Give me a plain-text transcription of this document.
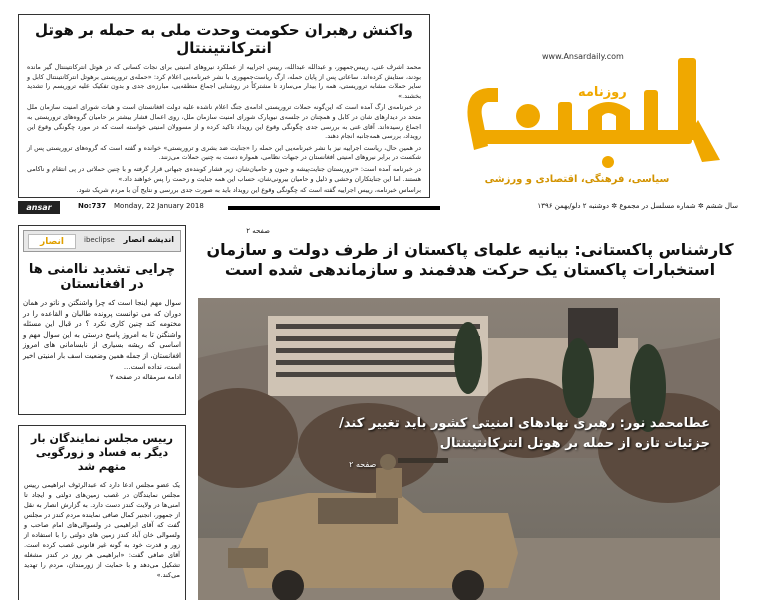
واکنش رهبران حکومت وحدت ملی به حمله بر هوتل انترکانتیننتال

محمد اشرف غنی، رییس‌جمهور، و عبدالله عبدالله، رییس اجراییه از عملکرد نیروهای امنیتی برای نجات کسانی که در هوتل انترکانتیننتال گیر مانده بودند، ستایش کرده‌اند. ساعاتی پس از پایان حمله، ارگ ریاست‌جمهوری با نشر خبرنامه‌یی اعلام کرد: «حمله‌ی تروریستی برهوتل انترکانتیننتال کابل و سایر حملات مشابه تروریستی، همه را بیدار می‌سازد تا مشترکاً در روشنایی اجماع منطقه‌یی، مبارزه‌ی جدی و بدون تفکیک علیه تروریسم را تشدید بخشند.»

در خبرنامه‌ی ارگ آمده است که این‌گونه حملات تروریستی ادامه‌ی جنگ اعلام ناشده علیه دولت افغانستان است و هیات شورای امنیت سازمان ملل متحد در دیدارهای شان در کابل و همچنان در جلسه‌ی نیویارک شورای امنیت سازمان ملل، روی اعمال فشار بیشتر بر حامیان گروه‌های تروریستی به اجماع رسیده‌اند. آقای غنی به بررسی جدی چگونگی وقوع این رویداد تاکید کرده و از مسوولان امنیتی خواسته است که در مورد چگونگی وقوع این رویداد، بررسی همه‌جانبه انجام دهند.

در همین حال، ریاست اجراییه نیز با نشر خبرنامه‌یی این حمله را «جنایت ضد بشری و تروریستی» خوانده و گفته است که گروه‌های تروریستی پس از شکست در برابر نیروهای امنیتی افغانستان در جبهات نظامی، همواره دست به چنین حملات می‌زنند.

در خبرنامه آمده است: «تروریستان جنایت‌پیشه و جبون و حامیان‌شان، زیر فشار کوبنده‌ی جبهاتی قرار گرفته و با چنین حملاتی در پی انتقام و ناکامی هستند. اما این جنایتکاران وحشی و ذلیل و حامیان بیرونی‌شان، حساب این همه جنایت و رحمت را پس خواهند داد.»

براساس خبرنامه، رییس اجراییه گفته است که چگونگی وقوع این رویداد باید به صورت جدی بررسی و نتایج آن با مردم شریک شود.

www.Ansardaily.com
روزنامه
سیاسی، فرهنگی، اقتصادی و ورزشی
ansar	No:737 Monday, 22 January 2018	سال ششم ✲ شماره مسلسل در مجموع ✲ دوشنبه ۲ دلو/بهمن ۱۳۹۶
انصار	ibeclipse اندیشه انصار
چرایی تشدید ناامنی ها در افغانستان
سوال مهم اینجا است که چرا واشنگتن و ناتو در همان دوران که می توانست پرونده طالبان و القاعده را در مختومه کند چنین کاری نکرد ؟ در قبال این مسئله واشنگتن تا به امروز پاسخ درستی به این سوال مهم و اساسی که ریشه بسیاری از نابسامانی های امروز افغانستان، از جمله همین وضعیت اسف بار امنیتی اخیر است، نداده است...
ادامه سرمقاله در صفحه ۲
رییس مجلس نمایندگان بار دیگر به فساد و زورگویی متهم شد
یک عضو مجلس ادعا دارد که عبدالرئوف ابراهیمی رییس مجلس نمایندگان در غصب زمین‌های دولتی و ایجاد تا امنی‌ها در ولایت کندز دست دارد. به گزارش انصار به نقل از جمهور، انجنیر کمال صافی نماینده مردم کندز در مجلس گفت که آقای ابراهیمی در ولسوالی‌های امام صاحب و ولسوالی خان آباد کندز زمین های دولتی را با استفاده از زور و قدرت خود به گونه غیر قانونی غصب کرده است. آقای صافی گفت: «ابراهیمی هر روز در کندز مشغله تشکیل می‌دهد و با حمایت از زورمندان، مردم را تهدید می‌کند.»
صفحه ۲
کارشناس پاکستانی: بیانیه علمای پاکستان از طرف دولت و سازمان استخبارات پاکستان یک حرکت هدفمند و سازماندهی شده است
عطامحمد نور: رهبری نهادهای امنیتی کشور باید تغییر کند/
جزئیات تازه از حمله بر هوتل انترکانتیننتال
صفحه ۲
